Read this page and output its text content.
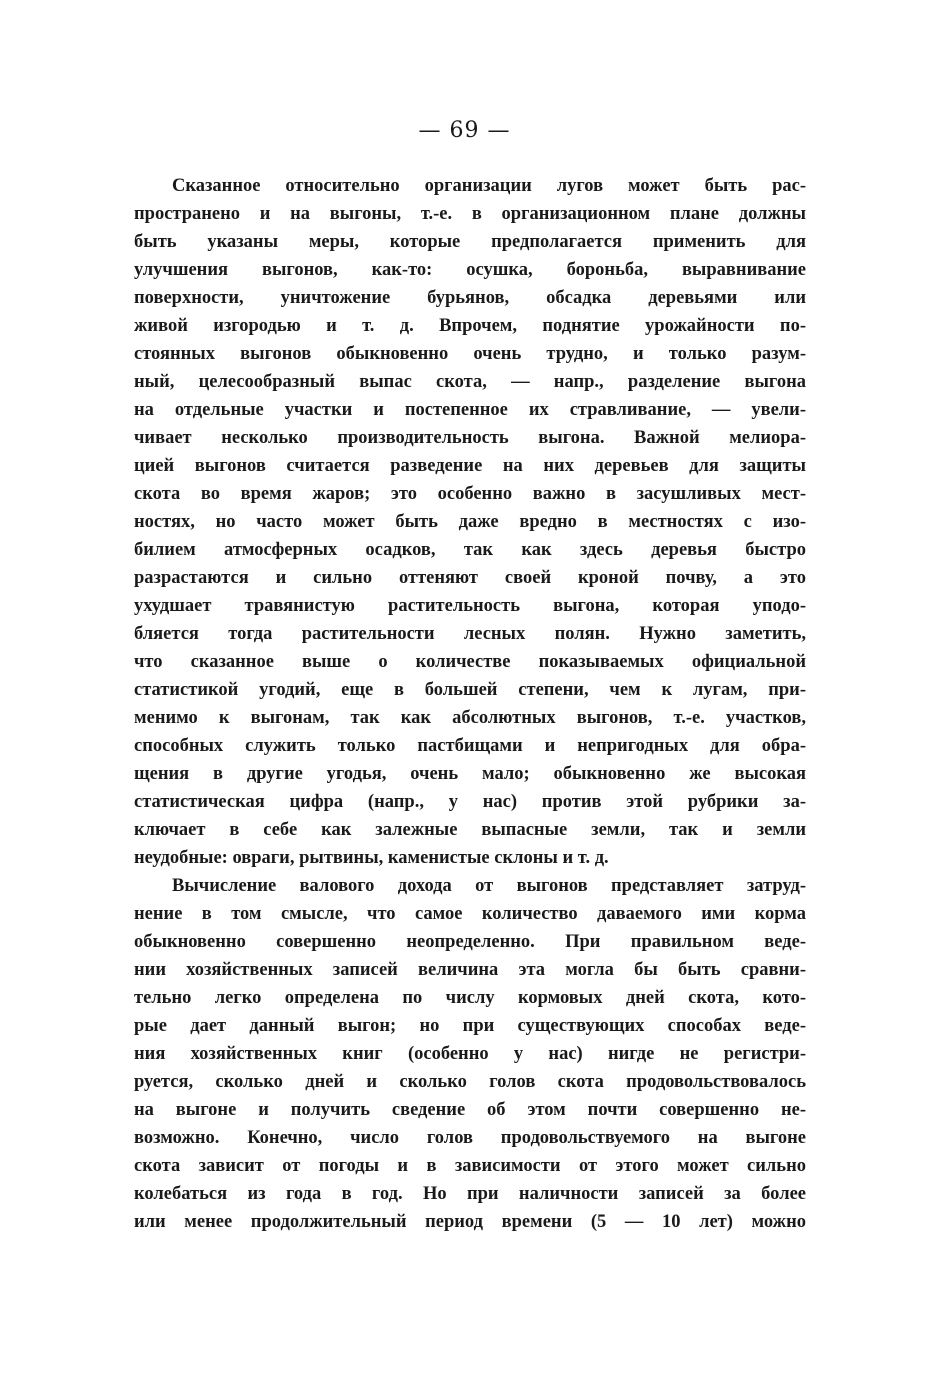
— 69 —
Сказанное относительно организации лугов может быть рас-
пространено и на выгоны, т.-е. в организационном плане должны
быть указаны меры, которые предполагается применить для
улучшения выгонов, как-то: осушка, бороньба, выравнивание
поверхности, уничтожение бурьянов, обсадка деревьями или
живой изгородью и т. д. Впрочем, поднятие урожайности по-
стоянных выгонов обыкновенно очень трудно, и только разум-
ный, целесообразный выпас скота, — напр., разделение выгона
на отдельные участки и постепенное их стравливание, — увели-
чивает несколько производительность выгона. Важной мелиора-
цией выгонов считается разведение на них деревьев для защиты
скота во время жаров; это особенно важно в засушливых мест-
ностях, но часто может быть даже вредно в местностях с изо-
билием атмосферных осадков, так как здесь деревья быстро
разрастаются и сильно оттеняют своей кроной почву, а это
ухудшает травянистую растительность выгона, которая уподо-
бляется тогда растительности лесных полян. Нужно заметить,
что сказанное выше о количестве показываемых официальной
статистикой угодий, еще в большей степени, чем к лугам, при-
менимо к выгонам, так как абсолютных выгонов, т.-е. участков,
способных служить только пастбищами и непригодных для обра-
щения в другие угодья, очень мало; обыкновенно же высокая
статистическая цифра (напр., у нас) против этой рубрики за-
ключает в себе как залежные выпасные земли, так и земли
неудобные: овраги, рытвины, каменистые склоны и т. д.
Вычисление валового дохода от выгонов представляет затруд-
нение в том смысле, что самое количество даваемого ими корма
обыкновенно совершенно неопределенно. При правильном веде-
нии хозяйственных записей величина эта могла бы быть сравни-
тельно легко определена по числу кормовых дней скота, кото-
рые дает данный выгон; но при существующих способах веде-
ния хозяйственных книг (особенно у нас) нигде не регистри-
руется, сколько дней и сколько голов скота продовольствовалось
на выгоне и получить сведение об этом почти совершенно не-
возможно. Конечно, число голов продовольствуемого на выгоне
скота зависит от погоды и в зависимости от этого может сильно
колебаться из года в год. Но при наличности записей за более
или менее продолжительный период времени (5 — 10 лет) можно
